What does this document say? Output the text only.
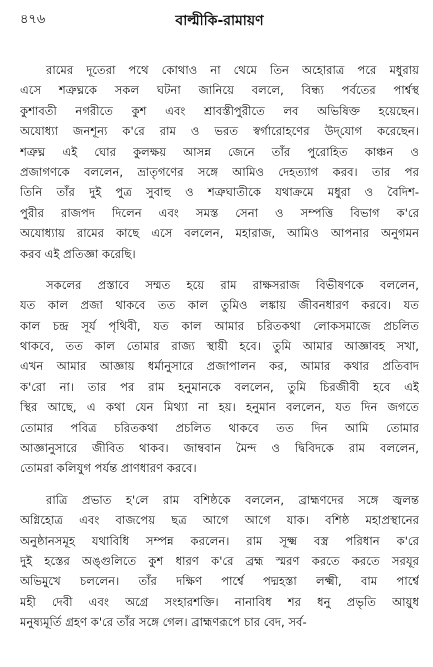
৪৭৬	বাল্মীকি-রামায়ণ
রামের দূতেরা পথে কোথাও না থেমে তিন অহোরাত্র পরে মধুরায়
এসে শত্রুঘ্নকে সকল ঘটনা জানিয়ে বললে, বিন্ধ্য পর্বতের পার্শ্বস্থ
কুশাবতী নগরীতে কুশ এবং শ্রাবস্তীপুরীতে লব অভিষিক্ত হয়েছেন।
অযোধ্যা জনশূন্য ক'রে রাম ও ভরত স্বর্গারোহণের উদ্‌যোগ করেছেন।
শত্রুঘ্ন এই ঘোর কুলক্ষয় আসন্ন জেনে তাঁর পুরোহিত কাঞ্চন ও
প্রজাগণকে বললেন, ভ্রাতৃগণের সঙ্গে আমিও দেহত্যাগ করব। তার পর
তিনি তাঁর দুই পুত্র সুবাহু ও শত্রুঘাতীকে যথাক্রমে মধুরা ও বৈদিশ-
পুরীর রাজপদ দিলেন এবং সমস্ত সেনা ও সম্পত্তি বিভাগ ক'রে
অযোধ্যায় রামের কাছে এসে বললেন, মহারাজ, আমিও আপনার অনুগমন
করব এই প্রতিজ্ঞা করেছি।
সকলের প্রস্তাবে সম্মত হয়ে রাম রাক্ষসরাজ বিভীষণকে বললেন,
যত কাল প্রজা থাকবে তত কাল তুমিও লঙ্কায় জীবনধারণ করবে। যত
কাল চন্দ্র সূর্য পৃথিবী, যত কাল আমার চরিতকথা লোকসমাজে প্রচলিত
থাকবে, তত কাল তোমার রাজ্য স্থায়ী হবে। তুমি আমার আজ্ঞাবহ সখা,
এখন আমার আজ্ঞায় ধর্মানুসারে প্রজাপালন কর, আমার কথার প্রতিবাদ
ক'রো না। তার পর রাম হনুমানকে বললেন, তুমি চিরজীবী হবে এই
স্থির আছে, এ কথা যেন মিথ্যা না হয়। হনুমান বললেন, যত দিন জগতে
তোমার পবিত্র চরিতকথা প্রচলিত থাকবে তত দিন আমি তোমার
আজ্ঞানুসারে জীবিত থাকব। জাম্ববান মৈন্দ ও দ্বিবিদকে রাম বললেন,
তোমরা কলিযুগ পর্যন্ত প্রাণধারণ করবে।
রাত্রি প্রভাত হ'লে রাম বশিষ্ঠকে বললেন, ব্রাহ্মণদের সঙ্গে জ্বলন্ত
অগ্নিহোত্র এবং বাজপেয় ছত্র আগে আগে যাক। বশিষ্ঠ মহাপ্রস্থানের
অনুষ্ঠানসমূহ যথাবিধি সম্পন্ন করলেন। রাম সূক্ষ্ম বস্ত্র পরিধান ক'রে
দুই হস্তের অঙ্গুলিতে কুশ ধারণ ক'রে ব্রহ্ম স্মরণ করতে করতে সরযূর
অভিমুখে চললেন। তাঁর দক্ষিণ পার্শ্বে পদ্মহস্তা লক্ষ্মী, বাম পার্শ্বে
মহী দেবী এবং অগ্রে সংহারশক্তি। নানাবিধ শর ধনু প্রভৃতি আয়ুধ
মনুষ্যমূর্তি গ্রহণ ক'রে তাঁর সঙ্গে গেল। ব্রাহ্মণরূপে চার বেদ, সর্ব-
